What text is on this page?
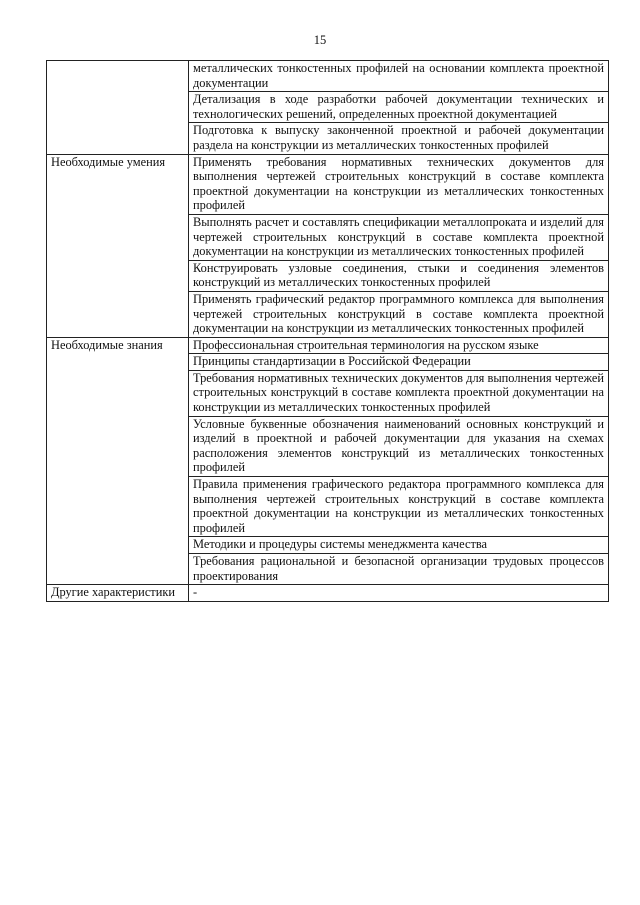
15
	металлических тонкостенных профилей на основании комплекта проектной документации
	Детализация в ходе разработки рабочей документации технических и технологических решений, определенных проектной документацией
	Подготовка к выпуску законченной проектной и рабочей документации раздела на конструкции из металлических тонкостенных профилей
Необходимые умения	Применять требования нормативных технических документов для выполнения чертежей строительных конструкций в составе комплекта проектной документации на конструкции из металлических тонкостенных профилей
	Выполнять расчет и составлять спецификации металлопроката и изделий для чертежей строительных конструкций в составе комплекта проектной документации на конструкции из металлических тонкостенных профилей
	Конструировать узловые соединения, стыки и соединения элементов конструкций из металлических тонкостенных профилей
	Применять графический редактор программного комплекса для выполнения чертежей строительных конструкций в составе комплекта проектной документации на конструкции из металлических тонкостенных профилей
Необходимые знания	Профессиональная строительная терминология на русском языке
	Принципы стандартизации в Российской Федерации
	Требования нормативных технических документов для выполнения чертежей строительных конструкций в составе комплекта проектной документации на конструкции из металлических тонкостенных профилей
	Условные буквенные обозначения наименований основных конструкций и изделий в проектной и рабочей документации для указания на схемах расположения элементов конструкций из металлических тонкостенных профилей
	Правила применения графического редактора программного комплекса для выполнения чертежей строительных конструкций в составе комплекта проектной документации на конструкции из металлических тонкостенных профилей
	Методики и процедуры системы менеджмента качества
	Требования рациональной и безопасной организации трудовых процессов проектирования
Другие характеристики	-
